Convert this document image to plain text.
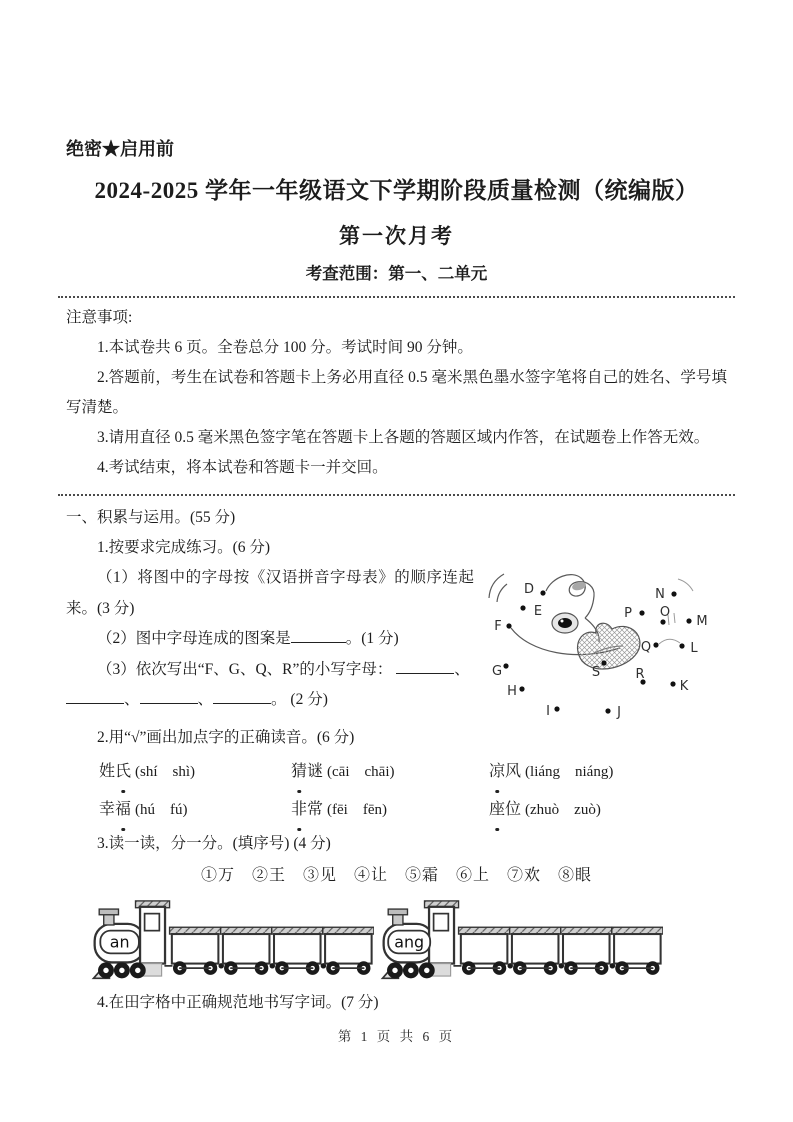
绝密★启用前
2024-2025 学年一年级语文下学期阶段质量检测（统编版）
第一次月考
考查范围：第一、二单元
注意事项:

1.本试卷共 6 页。全卷总分 100 分。考试时间 90 分钟。

2.答题前，考生在试卷和答题卡上务必用直径 0.5 毫米黑色墨水签字笔将自己的姓名、学号填写清楚。

3.请用直径 0.5 毫米黑色签字笔在答题卡上各题的答题区域内作答，在试题卷上作答无效。

4.考试结束，将本试卷和答题卡一并交回。

一、积累与运用。(55 分)

1.按要求完成练习。(6 分)

（1）将图中的字母按《汉语拼音字母表》的顺序连起来。(3 分)

（2）图中字母连成的图案是	。(1 分)

（3）依次写出“F、G、Q、R”的小写字母：	、、	、	。 (2 分)

D
E
F
G
H
I	J
K
L
M
N
O
P
Q
R
S

2.用“√”画出加点字的正确读音。(6 分)

姓氏 (shí　shì)	猜谜 (cāi　chāi)	凉风 (liáng　niáng)
幸福 (hú　fú)	非常 (fēi　fēn)	座位 (zhuò　zuò)

3.读一读，分一分。(填序号) (4 分)

①万　②王　③见　④让　⑤霜　⑥上　⑦欢　⑧眼
an	ang

4.在田字格中正确规范地书写字词。(7 分)

第 1 页 共 6 页
